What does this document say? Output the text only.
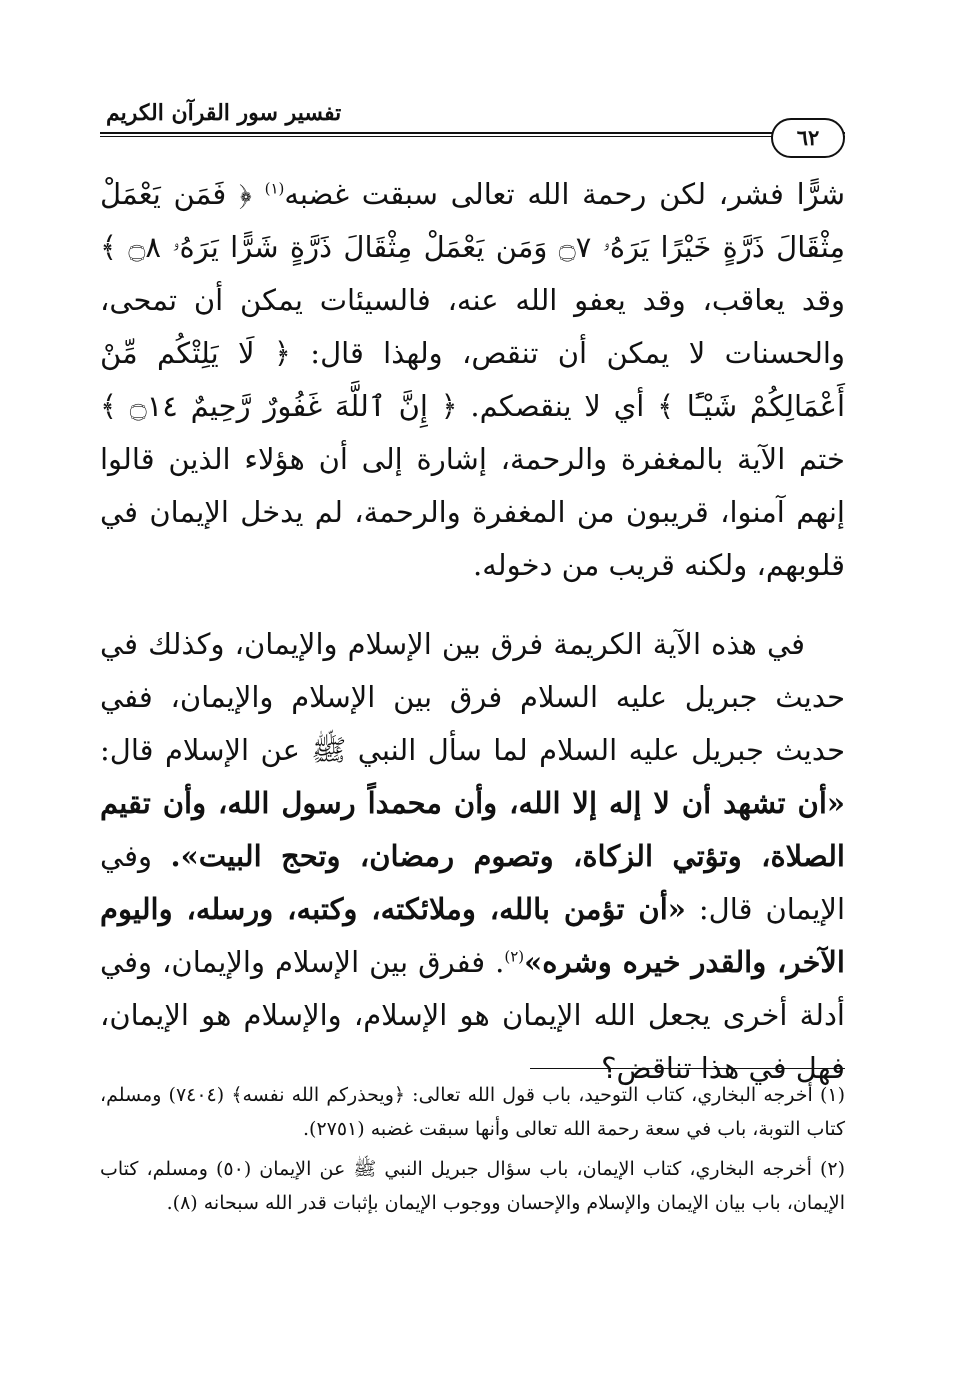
تفسير سور القرآن الكريم
٦٢

شرًّا فشر، لكن رحمة الله تعالى سبقت غضبه$^{(١)}$ ﴿ فَمَن يَعْمَلْ مِثْقَالَ ذَرَّةٍ خَيْرًا يَرَهُۥ ۝٧ وَمَن يَعْمَلْ مِثْقَالَ ذَرَّةٍ شَرًّا يَرَهُۥ ۝٨ ﴾ وقد يعاقب، وقد يعفو الله عنه، فالسيئات يمكن أن تمحى، والحسنات لا يمكن أن تنقص، ولهذا قال: ﴿ لَا يَلِتْكُم مِّنْ أَعْمَالِكُمْ شَيْـًٔا ﴾ أي لا ينقصكم. ﴿ إِنَّ ٱللَّهَ غَفُورٌ رَّحِيمٌ ۝١٤ ﴾ ختم الآية بالمغفرة والرحمة، إشارة إلى أن هؤلاء الذين قالوا إنهم آمنوا، قريبون من المغفرة والرحمة، لم يدخل الإيمان في قلوبهم، ولكنه قريب من دخوله.

في هذه الآية الكريمة فرق بين الإسلام والإيمان، وكذلك في حديث جبريل عليه السلام فرق بين الإسلام والإيمان، ففي حديث جبريل عليه السلام لما سأل النبي ﷺ عن الإسلام قال: «أن تشهد أن لا إله إلا الله، وأن محمداً رسول الله، وأن تقيم الصلاة، وتؤتي الزكاة، وتصوم رمضان، وتحج البيت». وفي الإيمان قال: «أن تؤمن بالله، وملائكته، وكتبه، ورسله، واليوم الآخر، والقدر خيره وشره»$^{(٢)}$. ففرق بين الإسلام والإيمان، وفي أدلة أخرى يجعل الله الإيمان هو الإسلام، والإسلام هو الإيمان، فهل في هذا تناقض؟

(١) أخرجه البخاري، كتاب التوحيد، باب قول الله تعالى: ﴿ويحذركم الله نفسه﴾ (٧٤٠٤) ومسلم، كتاب التوبة، باب في سعة رحمة الله تعالى وأنها سبقت غضبه (٢٧٥١).

(٢) أخرجه البخاري، كتاب الإيمان، باب سؤال جبريل النبي ﷺ عن الإيمان (٥٠) ومسلم، كتاب الإيمان، باب بيان الإيمان والإسلام والإحسان ووجوب الإيمان بإثبات قدر الله سبحانه (٨).
